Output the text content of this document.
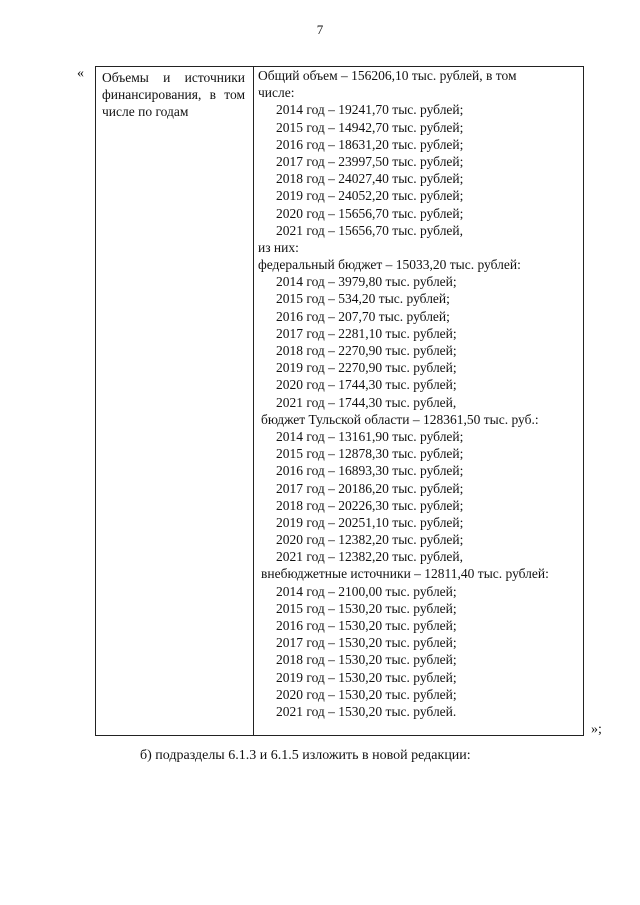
7
«	Объемы и источники финансирования, в том числе по годам
Общий объем – 156206,10 тыс. рублей, в том
числе:
2014 год – 19241,70 тыс. рублей;
2015 год – 14942,70 тыс. рублей;
2016 год – 18631,20 тыс. рублей;
2017 год – 23997,50 тыс. рублей;
2018 год – 24027,40 тыс. рублей;
2019 год – 24052,20 тыс. рублей;
2020 год – 15656,70 тыс. рублей;
2021 год – 15656,70 тыс. рублей,
из них:
федеральный бюджет – 15033,20 тыс. рублей:
2014 год – 3979,80 тыс. рублей;
2015 год – 534,20 тыс. рублей;
2016 год – 207,70 тыс. рублей;
2017 год – 2281,10 тыс. рублей;
2018 год – 2270,90 тыс. рублей;
2019 год – 2270,90 тыс. рублей;
2020 год – 1744,30 тыс. рублей;
2021 год – 1744,30 тыс. рублей,
бюджет Тульской области – 128361,50 тыс. руб.:
2014 год – 13161,90 тыс. рублей;
2015 год – 12878,30 тыс. рублей;
2016 год – 16893,30 тыс. рублей;
2017 год – 20186,20 тыс. рублей;
2018 год – 20226,30 тыс. рублей;
2019 год – 20251,10 тыс. рублей;
2020 год – 12382,20 тыс. рублей;
2021 год – 12382,20 тыс. рублей,
внебюджетные источники – 12811,40 тыс. рублей:
2014 год – 2100,00 тыс. рублей;
2015 год – 1530,20 тыс. рублей;
2016 год – 1530,20 тыс. рублей;
2017 год – 1530,20 тыс. рублей;
2018 год – 1530,20 тыс. рублей;
2019 год – 1530,20 тыс. рублей;
2020 год – 1530,20 тыс. рублей;
2021 год – 1530,20 тыс. рублей.
»;
б) подразделы 6.1.3 и 6.1.5 изложить в новой редакции:
